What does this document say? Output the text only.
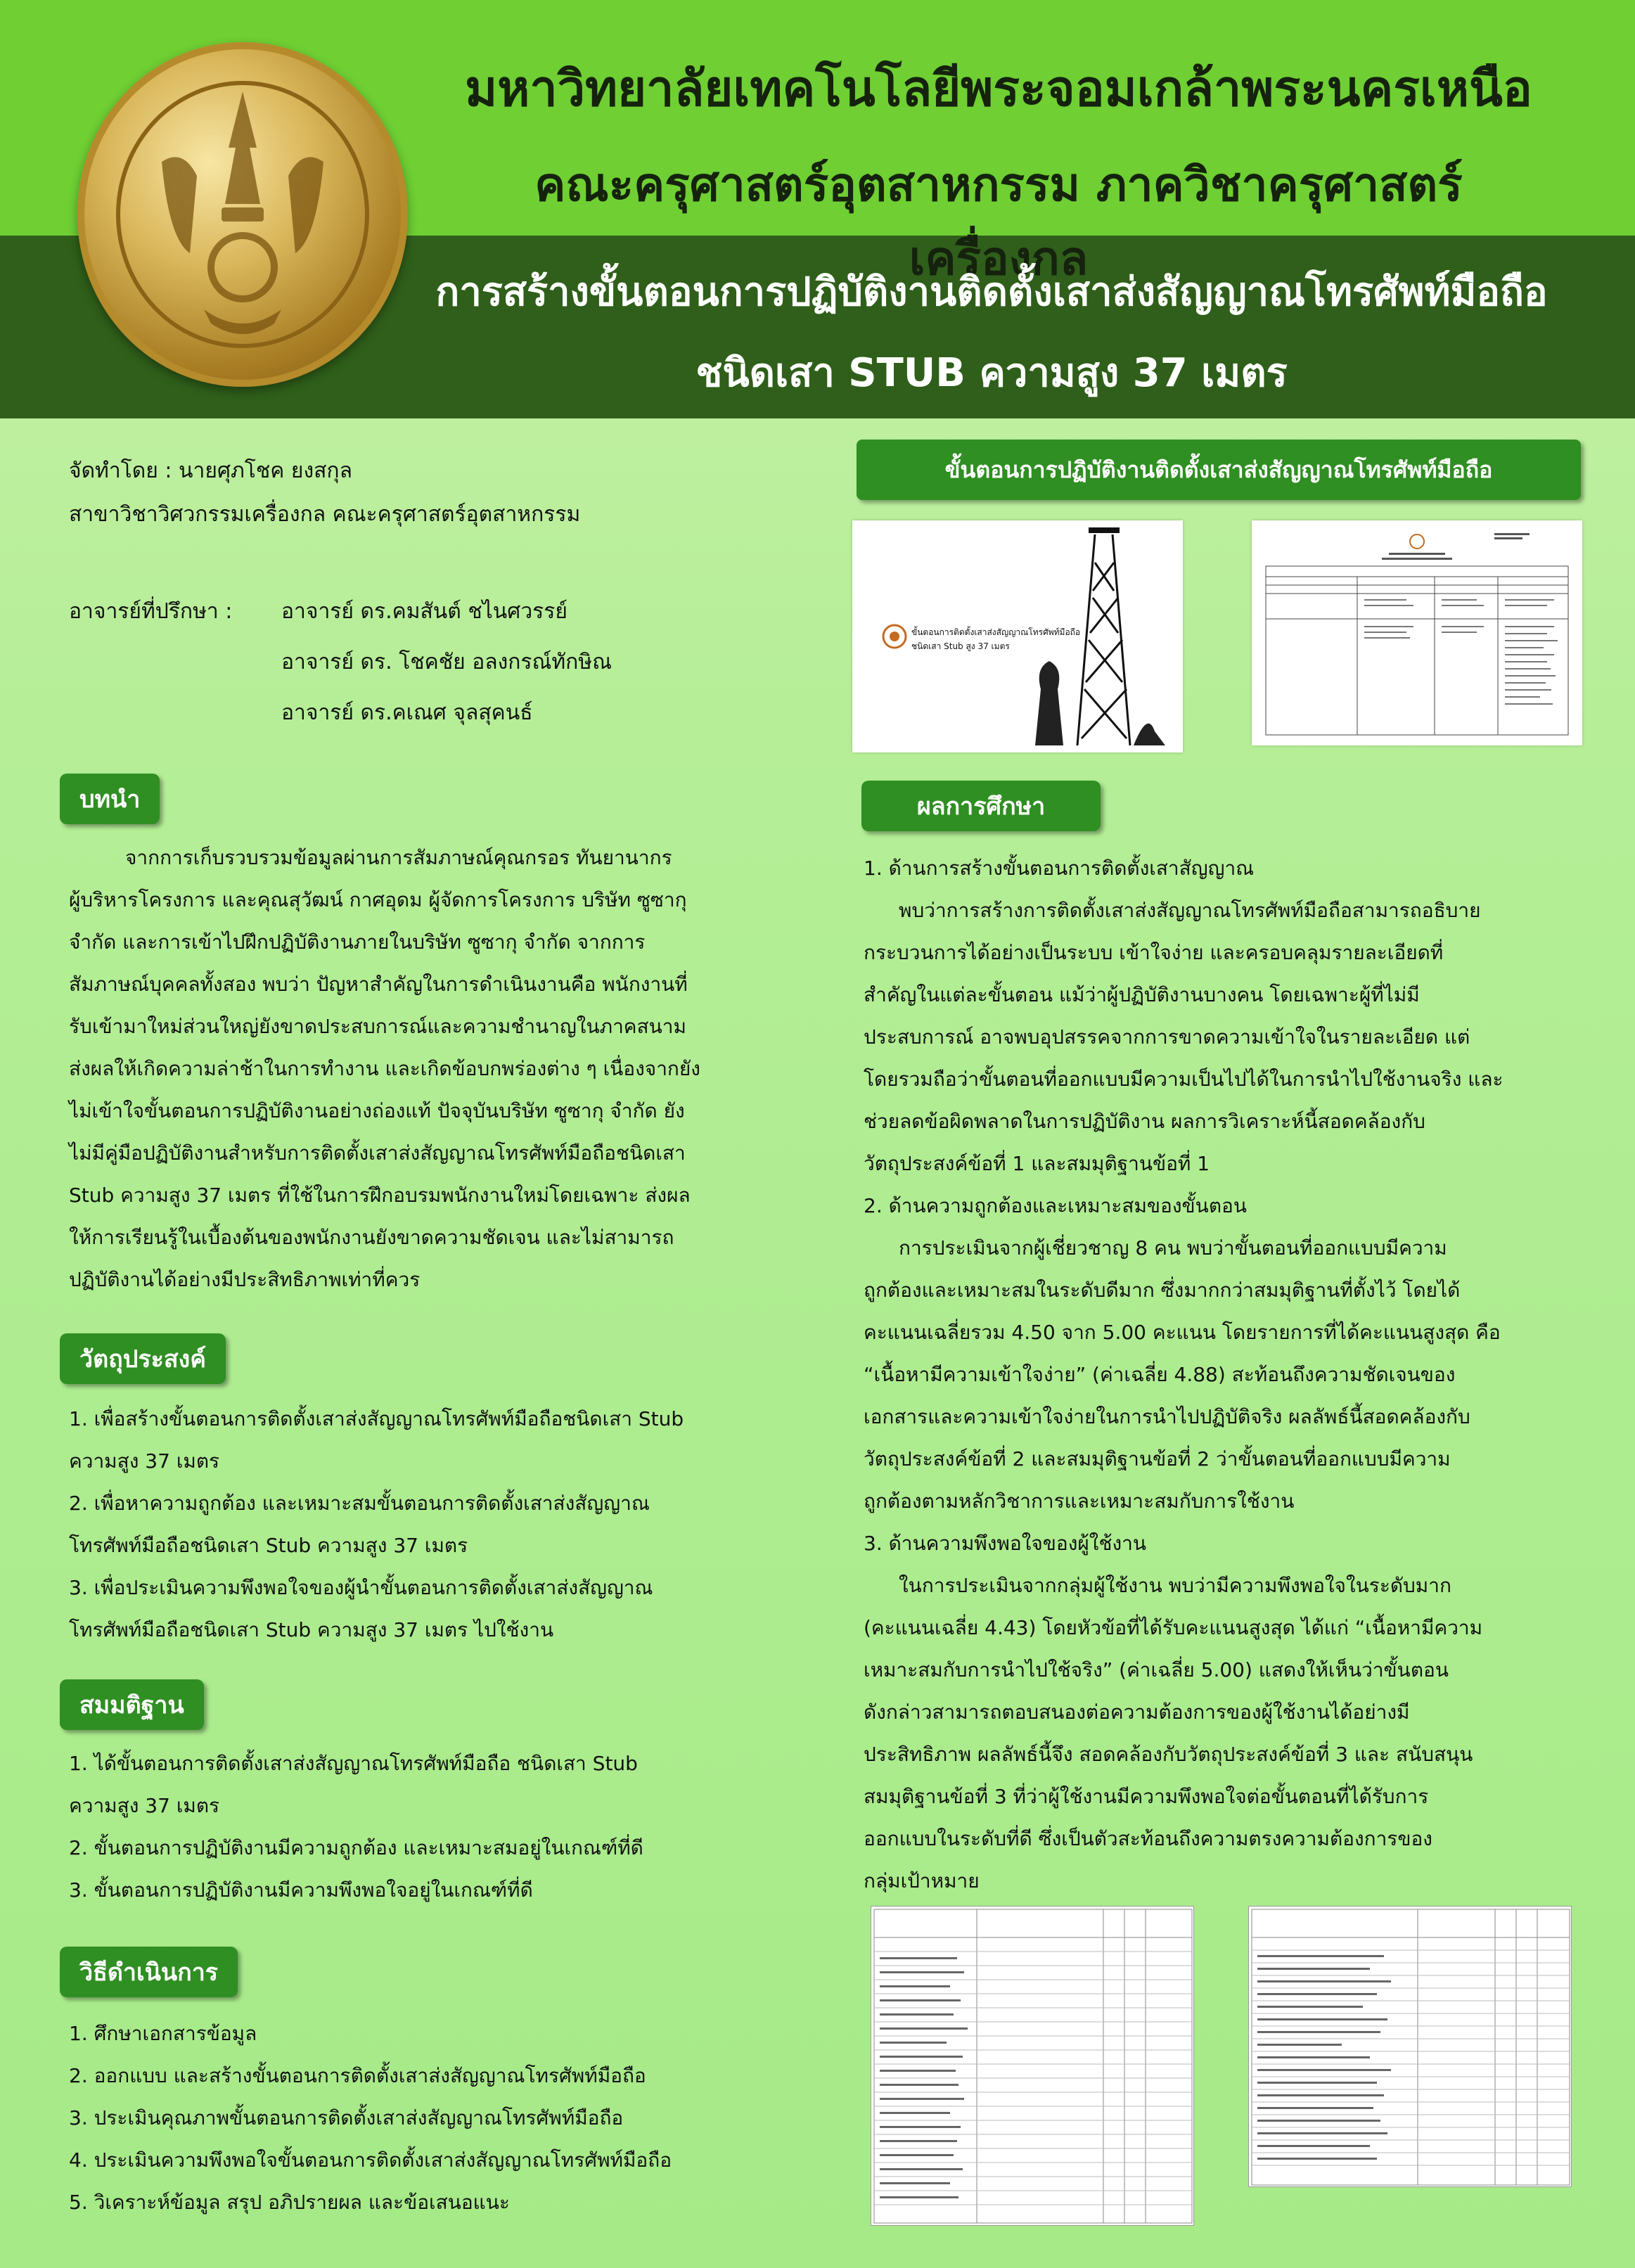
มหาวิทยาลัยเทคโนโลยีพระจอมเกล้าพระนครเหนือ
คณะครุศาสตร์อุตสาหกรรม ภาควิชาครุศาสตร์เครื่องกล
การสร้างขั้นตอนการปฏิบัติงานติดตั้งเสาส่งสัญญาณโทรศัพท์มือถือ
ชนิดเสา STUB ความสูง 37 เมตร
จัดทำโดย : นายศุภโชค ยงสกุล
สาขาวิชาวิศวกรรมเครื่องกล คณะครุศาสตร์อุตสาหกรรม
อาจารย์ที่ปรึกษา : อาจารย์ ดร.คมสันต์ ชไนศวรรย์
อาจารย์ ดร. โชคชัย อลงกรณ์ทักษิณ
อาจารย์ ดร.คเณศ จุลสุคนธ์
บทนำ
จากการเก็บรวบรวมข้อมูลผ่านการสัมภาษณ์คุณกรอร ทันยานากร
ผู้บริหารโครงการ และคุณสุวัฒน์ กาศอุดม ผู้จัดการโครงการ บริษัท ซูซากุ
จำกัด และการเข้าไปฝึกปฏิบัติงานภายในบริษัท ซูซากุ จำกัด จากการ
สัมภาษณ์บุคคลทั้งสอง พบว่า ปัญหาสำคัญในการดำเนินงานคือ พนักงานที่
รับเข้ามาใหม่ส่วนใหญ่ยังขาดประสบการณ์และความชำนาญในภาคสนาม
ส่งผลให้เกิดความล่าช้าในการทำงาน และเกิดข้อบกพร่องต่าง ๆ เนื่องจากยัง
ไม่เข้าใจขั้นตอนการปฏิบัติงานอย่างถ่องแท้ ปัจจุบันบริษัท ซูซากุ จำกัด ยัง
ไม่มีคู่มือปฏิบัติงานสำหรับการติดตั้งเสาส่งสัญญาณโทรศัพท์มือถือชนิดเสา
Stub ความสูง 37 เมตร ที่ใช้ในการฝึกอบรมพนักงานใหม่โดยเฉพาะ ส่งผล
ให้การเรียนรู้ในเบื้องต้นของพนักงานยังขาดความชัดเจน และไม่สามารถ
ปฏิบัติงานได้อย่างมีประสิทธิภาพเท่าที่ควร
วัตถุประสงค์
1. เพื่อสร้างขั้นตอนการติดตั้งเสาส่งสัญญาณโทรศัพท์มือถือชนิดเสา Stub
ความสูง 37 เมตร
2. เพื่อหาความถูกต้อง และเหมาะสมขั้นตอนการติดตั้งเสาส่งสัญญาณ
โทรศัพท์มือถือชนิดเสา Stub ความสูง 37 เมตร
3. เพื่อประเมินความพึงพอใจของผู้นำขั้นตอนการติดตั้งเสาส่งสัญญาณ
โทรศัพท์มือถือชนิดเสา Stub ความสูง 37 เมตร ไปใช้งาน
สมมติฐาน
1. ได้ขั้นตอนการติดตั้งเสาส่งสัญญาณโทรศัพท์มือถือ ชนิดเสา Stub
ความสูง 37 เมตร
2. ขั้นตอนการปฏิบัติงานมีความถูกต้อง และเหมาะสมอยู่ในเกณฑ์ที่ดี
3. ขั้นตอนการปฏิบัติงานมีความพึงพอใจอยู่ในเกณฑ์ที่ดี
วิธีดำเนินการ
1. ศึกษาเอกสารข้อมูล
2. ออกแบบ และสร้างขั้นตอนการติดตั้งเสาส่งสัญญาณโทรศัพท์มือถือ
3. ประเมินคุณภาพขั้นตอนการติดตั้งเสาส่งสัญญาณโทรศัพท์มือถือ
4. ประเมินความพึงพอใจขั้นตอนการติดตั้งเสาส่งสัญญาณโทรศัพท์มือถือ
5. วิเคราะห์ข้อมูล สรุป อภิปรายผล และข้อเสนอแนะ
ขั้นตอนการปฏิบัติงานติดตั้งเสาส่งสัญญาณโทรศัพท์มือถือ
ขั้นตอนการติดตั้งเสาส่งสัญญาณโทรศัพท์มือถือ
ชนิดเสา Stub สูง 37 เมตร
ผลการศึกษา
1. ด้านการสร้างขั้นตอนการติดตั้งเสาสัญญาณ
พบว่าการสร้างการติดตั้งเสาส่งสัญญาณโทรศัพท์มือถือสามารถอธิบาย
กระบวนการได้อย่างเป็นระบบ เข้าใจง่าย และครอบคลุมรายละเอียดที่
สำคัญในแต่ละขั้นตอน แม้ว่าผู้ปฏิบัติงานบางคน โดยเฉพาะผู้ที่ไม่มี
ประสบการณ์ อาจพบอุปสรรคจากการขาดความเข้าใจในรายละเอียด แต่
โดยรวมถือว่าขั้นตอนที่ออกแบบมีความเป็นไปได้ในการนำไปใช้งานจริง และ
ช่วยลดข้อผิดพลาดในการปฏิบัติงาน ผลการวิเคราะห์นี้สอดคล้องกับ
วัตถุประสงค์ข้อที่ 1 และสมมุติฐานข้อที่ 1
2. ด้านความถูกต้องและเหมาะสมของขั้นตอน
การประเมินจากผู้เชี่ยวชาญ 8 คน พบว่าขั้นตอนที่ออกแบบมีความ
ถูกต้องและเหมาะสมในระดับดีมาก ซึ่งมากกว่าสมมุติฐานที่ตั้งไว้ โดยได้
คะแนนเฉลี่ยรวม 4.50 จาก 5.00 คะแนน โดยรายการที่ได้คะแนนสูงสุด คือ
“เนื้อหามีความเข้าใจง่าย” (ค่าเฉลี่ย 4.88) สะท้อนถึงความชัดเจนของ
เอกสารและความเข้าใจง่ายในการนำไปปฏิบัติจริง ผลลัพธ์นี้สอดคล้องกับ
วัตถุประสงค์ข้อที่ 2 และสมมุติฐานข้อที่ 2 ว่าขั้นตอนที่ออกแบบมีความ
ถูกต้องตามหลักวิชาการและเหมาะสมกับการใช้งาน
3. ด้านความพึงพอใจของผู้ใช้งาน
ในการประเมินจากกลุ่มผู้ใช้งาน พบว่ามีความพึงพอใจในระดับมาก
(คะแนนเฉลี่ย 4.43) โดยหัวข้อที่ได้รับคะแนนสูงสุด ได้แก่ “เนื้อหามีความ
เหมาะสมกับการนำไปใช้จริง” (ค่าเฉลี่ย 5.00) แสดงให้เห็นว่าขั้นตอน
ดังกล่าวสามารถตอบสนองต่อความต้องการของผู้ใช้งานได้อย่างมี
ประสิทธิภาพ ผลลัพธ์นี้จึง สอดคล้องกับวัตถุประสงค์ข้อที่ 3 และ สนับสนุน
สมมุติฐานข้อที่ 3 ที่ว่าผู้ใช้งานมีความพึงพอใจต่อขั้นตอนที่ได้รับการ
ออกแบบในระดับที่ดี ซึ่งเป็นตัวสะท้อนถึงความตรงความต้องการของ
กลุ่มเป้าหมาย
